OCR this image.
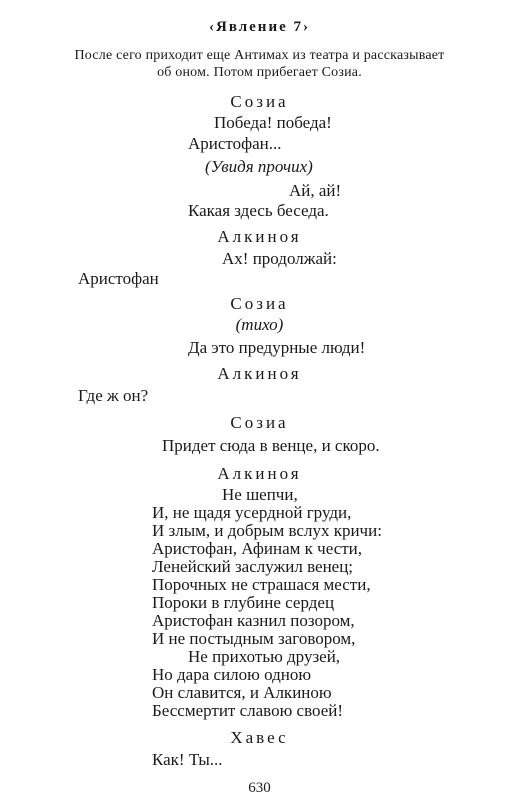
‹Явление 7›
После сего приходит еще Антимах из театра и рассказывает
об оном. Потом прибегает Созиа.
Созиа
Победа! победа!
Аристофан...
(Увидя прочих)
Ай, ай!
Какая здесь беседа.
Алкиноя
Ах! продолжай:
Аристофан
Созиа
(тихо)
Да это предурные люди!
Алкиноя
Где ж он?
Созиа
Придет сюда в венце, и скоро.
Алкиноя
Не шепчи,
И, не щадя усердной груди,
И злым, и добрым вслух кричи:
Аристофан, Афинам к чести,
Ленейский заслужил венец;
Порочных не страшася мести,
Пороки в глубине сердец
Аристофан казнил позором,
И не постыдным заговором,
Не прихотью друзей,
Но дара силою одною
Он славится, и Алкиною
Бессмертит славою своей!
Хавес
Как! Ты...
630
